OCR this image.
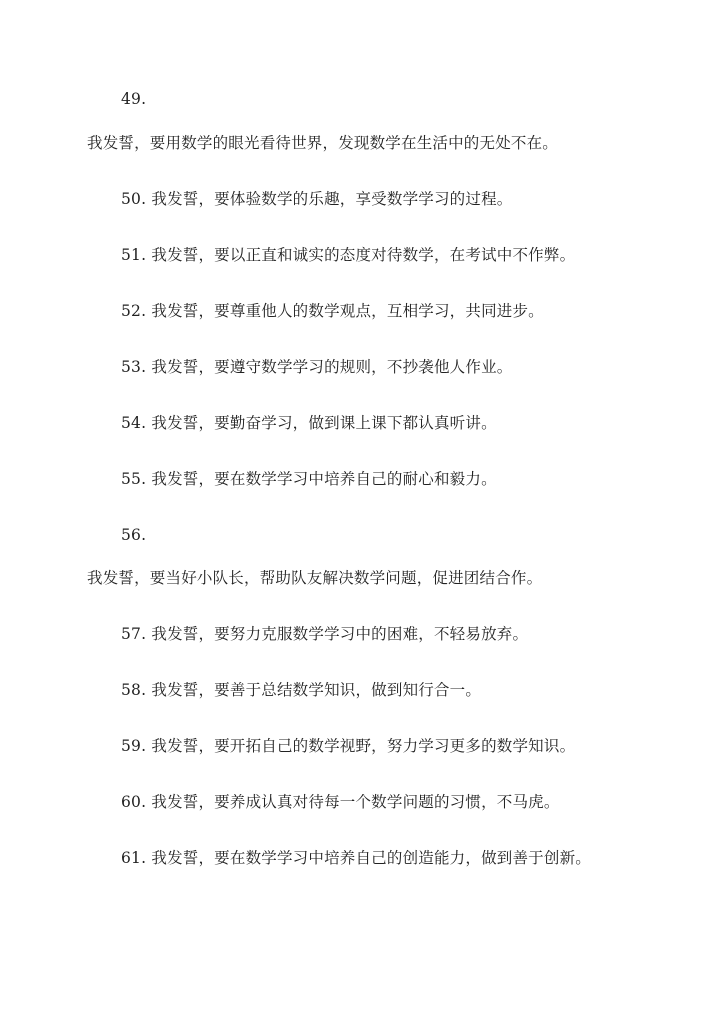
49.
我发誓，要用数学的眼光看待世界，发现数学在生活中的无处不在。
50. 我发誓，要体验数学的乐趣，享受数学学习的过程。
51. 我发誓，要以正直和诚实的态度对待数学，在考试中不作弊。
52. 我发誓，要尊重他人的数学观点，互相学习，共同进步。
53. 我发誓，要遵守数学学习的规则，不抄袭他人作业。
54. 我发誓，要勤奋学习，做到课上课下都认真听讲。
55. 我发誓，要在数学学习中培养自己的耐心和毅力。
56.
我发誓，要当好小队长，帮助队友解决数学问题，促进团结合作。
57. 我发誓，要努力克服数学学习中的困难，不轻易放弃。
58. 我发誓，要善于总结数学知识，做到知行合一。
59. 我发誓，要开拓自己的数学视野，努力学习更多的数学知识。
60. 我发誓，要养成认真对待每一个数学问题的习惯，不马虎。
61. 我发誓，要在数学学习中培养自己的创造能力，做到善于创新。
